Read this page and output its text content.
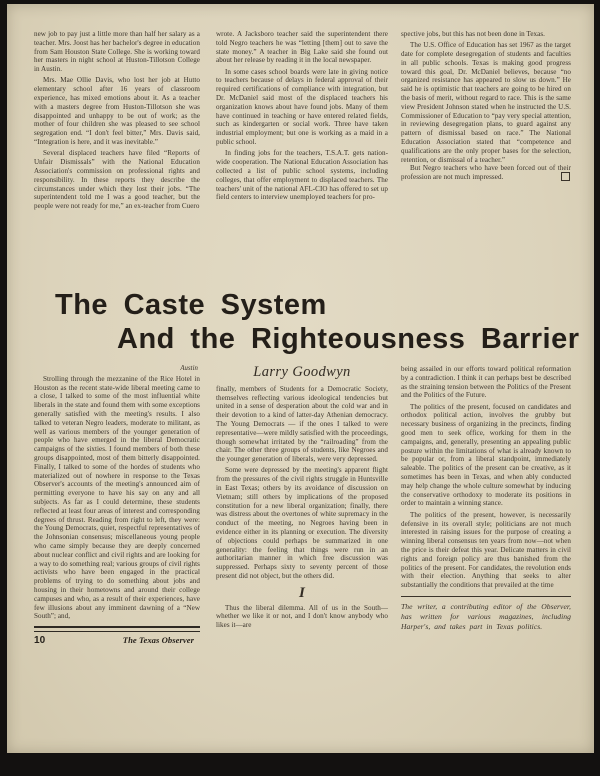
new job to pay just a little more than half her salary as a teacher. Mrs. Joost has her bachelor's degree in education from Sam Houston State College. She is working toward her masters in night school at Huston-Tillotson College in Austin.

Mrs. Mae Ollie Davis, who lost her job at Hutto elementary school after 16 years of classroom experience, has mixed emotions about it. As a teacher with a masters degree from Huston-Tillotson she was disappointed and unhappy to be out of work; as the mother of four children she was pleased to see school segregation end. “I don't feel bitter,” Mrs. Davis said, “Integration is here, and it was inevitable.”

Several displaced teachers have filed “Reports of Unfair Dismissals” with the National Education Association's commission on professional rights and responsibility. In these reports they describe the circumstances under which they lost their jobs. “The superintendent told me I was a good teacher, but the people were not ready for me,” an ex-teacher from Cuero

wrote. A Jacksboro teacher said the superintendent there told Negro teachers he was “letting [them] out to save the state money.” A teacher in Big Lake said she found out about her release by reading it in the local newspaper.

In some cases school boards were late in giving notice to teachers because of delays in federal approval of their required certifications of compliance with integration, but Dr. McDaniel said most of the displaced teachers his organization knows about have found jobs. Many of them have continued in teaching or have entered related fields, such as kindergarten or social work. Three have taken industrial employment; but one is working as a maid in a public school.

In finding jobs for the teachers, T.S.A.T. gets nation-wide cooperation. The National Education Association has collected a list of public school systems, including colleges, that offer employment to displaced teachers. The teachers' unit of the national AFL-CIO has offered to set up field centers to interview unemployed teachers for pro-

spective jobs, but this has not been done in Texas.

The U.S. Office of Education has set 1967 as the target date for complete desegregation of students and faculties in all public schools. Texas is making good progress toward this goal, Dr. McDaniel believes, because “no organized resistance has appeared to slow us down.” He said he is optimistic that teachers are going to be hired on the basis of merit, without regard to race. This is the same view President Johnson stated when he instructed the U.S. Commissioner of Education to “pay very special attention, in reviewing desegregation plans, to guard against any pattern of dismissal based on race.” The National Education Association stated that “competence and qualifications are the only proper bases for the selection, retention, or dismissal of a teacher.”

But Negro teachers who have been forced out of their profession are not much impressed.

The Caste System
And the Righteousness Barrier
Austin

Strolling through the mezzanine of the Rice Hotel in Houston as the recent state-wide liberal meeting came to a close, I talked to some of the most influential white liberals in the state and found them with some exceptions generally satisfied with the meeting's results. I also talked to veteran Negro leaders, moderate to militant, as well as various members of the younger generation of people who have emerged in the liberal Democratic campaigns of the sixties. I found members of both these groups disappointed, most of them bitterly disappointed. Finally, I talked to some of the hordes of students who materialized out of nowhere in response to the Texas Observer's accounts of the meeting's announced aim of permitting everyone to have his say on any and all subjects. As far as I could determine, these students reflected at least four areas of interest and corresponding degrees of thrust. Reading from right to left, they were: the Young Democrats, quiet, respectful representatives of the Johnsonian consensus; miscellaneous young people who came simply because they are deeply concerned about nuclear conflict and civil rights and are looking for a way to do something real; various groups of civil rights activists who have been engaged in the practical problems of trying to do something about jobs and housing in their hometowns and around their college campuses and who, as a result of their experiences, have few illusions about any imminent dawning of a “New South”; and,

10	The Texas Observer
Larry Goodwyn

finally, members of Students for a Democratic Society, themselves reflecting various ideological tendencies but united in a sense of desperation about the cold war and in their devotion to a kind of latter-day Athenian democracy. The Young Democrats — if the ones I talked to were representative—were mildly satisfied with the proceedings, though somewhat irritated by the “railroading” from the chair. The other three groups of students, like Negroes and the younger generation of liberals, were very depressed.

Some were depressed by the meeting's apparent flight from the pressures of the civil rights struggle in Huntsville in East Texas; others by its avoidance of discussion on Vietnam; still others by implications of the proposed constitution for a new liberal organization; finally, there was distress about the overtones of white supremacy in the conduct of the meeting, no Negroes having been in evidence either in its planning or execution. The diversity of objections could perhaps be summarized in one generality: the feeling that things were run in an authoritarian manner in which free discussion was suppressed. Perhaps sixty to seventy percent of those present did not object, but the others did.

I

Thus the liberal dilemma. All of us in the South—whether we like it or not, and I don't know anybody who likes it—are

being assailed in our efforts toward political reformation by a contradiction. I think it can perhaps best be described as the straining tension between the Politics of the Present and the Politics of the Future.

The politics of the present, focused on candidates and orthodox political action, involves the grubby but necessary business of organizing in the precincts, finding good men to seek office, working for them in the campaigns, and, generally, presenting an appealing public posture within the limitations of what is already known to be popular or, from a liberal standpoint, immediately saleable. The politics of the present can be creative, as it sometimes has been in Texas, and when ably conducted may help change the whole culture somewhat by inducing the conservative orthodoxy to moderate its positions in order to maintain a winning stance.

The politics of the present, however, is necessarily defensive in its overall style; politicians are not much interested in raising issues for the purpose of creating a winning liberal consensus ten years from now—not when the price is their defeat this year. Delicate matters in civil rights and foreign policy are thus banished from the politics of the present. For candidates, the revolution ends with their election. Anything that seeks to alter substantially the conditions that prevailed at the time

The writer, a contributing editor of the Observer, has written for various magazines, including Harper's, and takes part in Texas politics.
